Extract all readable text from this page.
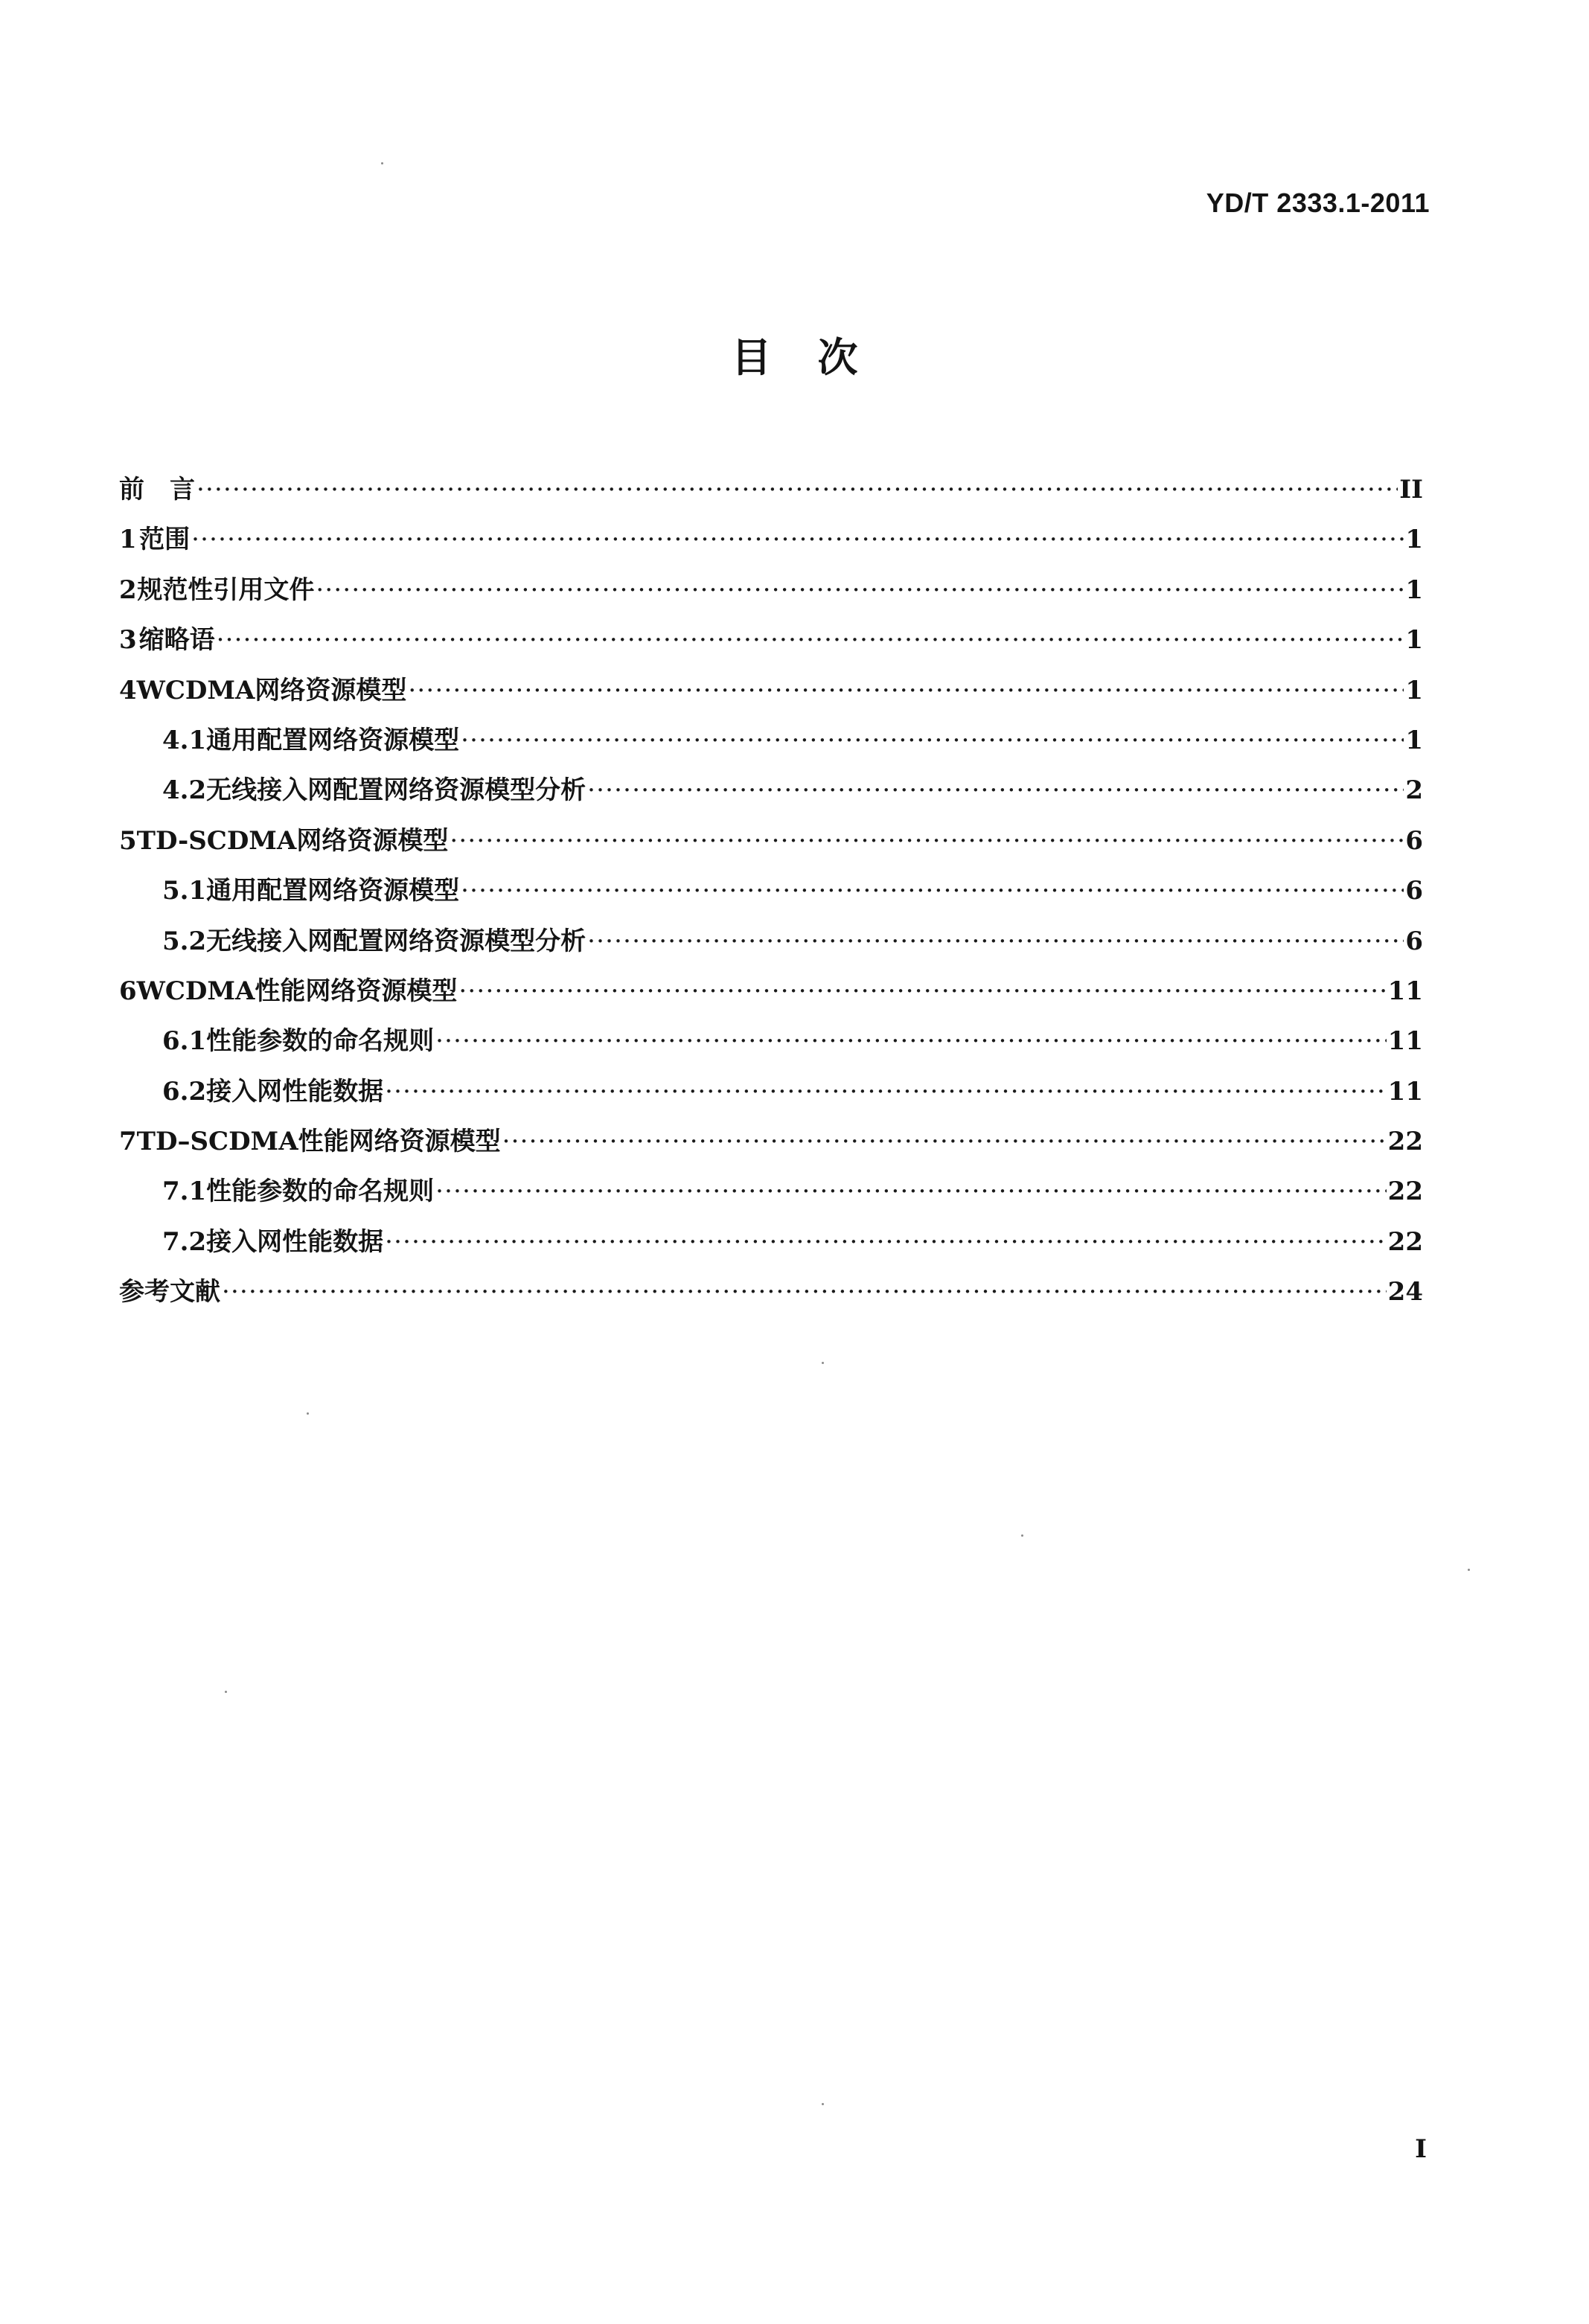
YD/T 2333.1-2011
目次
前　言 ·····	II
1 范围 ·····	1
2 规范性引用文件 ·····	1
3 缩略语 ·····	1
4 WCDMA网络资源模型 ·····	1
4.1 通用配置网络资源模型 ·····	1
4.2 无线接入网配置网络资源模型分析 ·····	2
5 TD-SCDMA网络资源模型 ·····	6
5.1 通用配置网络资源模型 ·····	6
5.2 无线接入网配置网络资源模型分析 ·····	6
6 WCDMA性能网络资源模型 ·····	11
6.1 性能参数的命名规则 ·····	11
6.2 接入网性能数据 ·····	11
7 TD–SCDMA性能网络资源模型 ·····	22
7.1 性能参数的命名规则 ·····	22
7.2 接入网性能数据 ·····	22
参考文献 ·····	24
I
